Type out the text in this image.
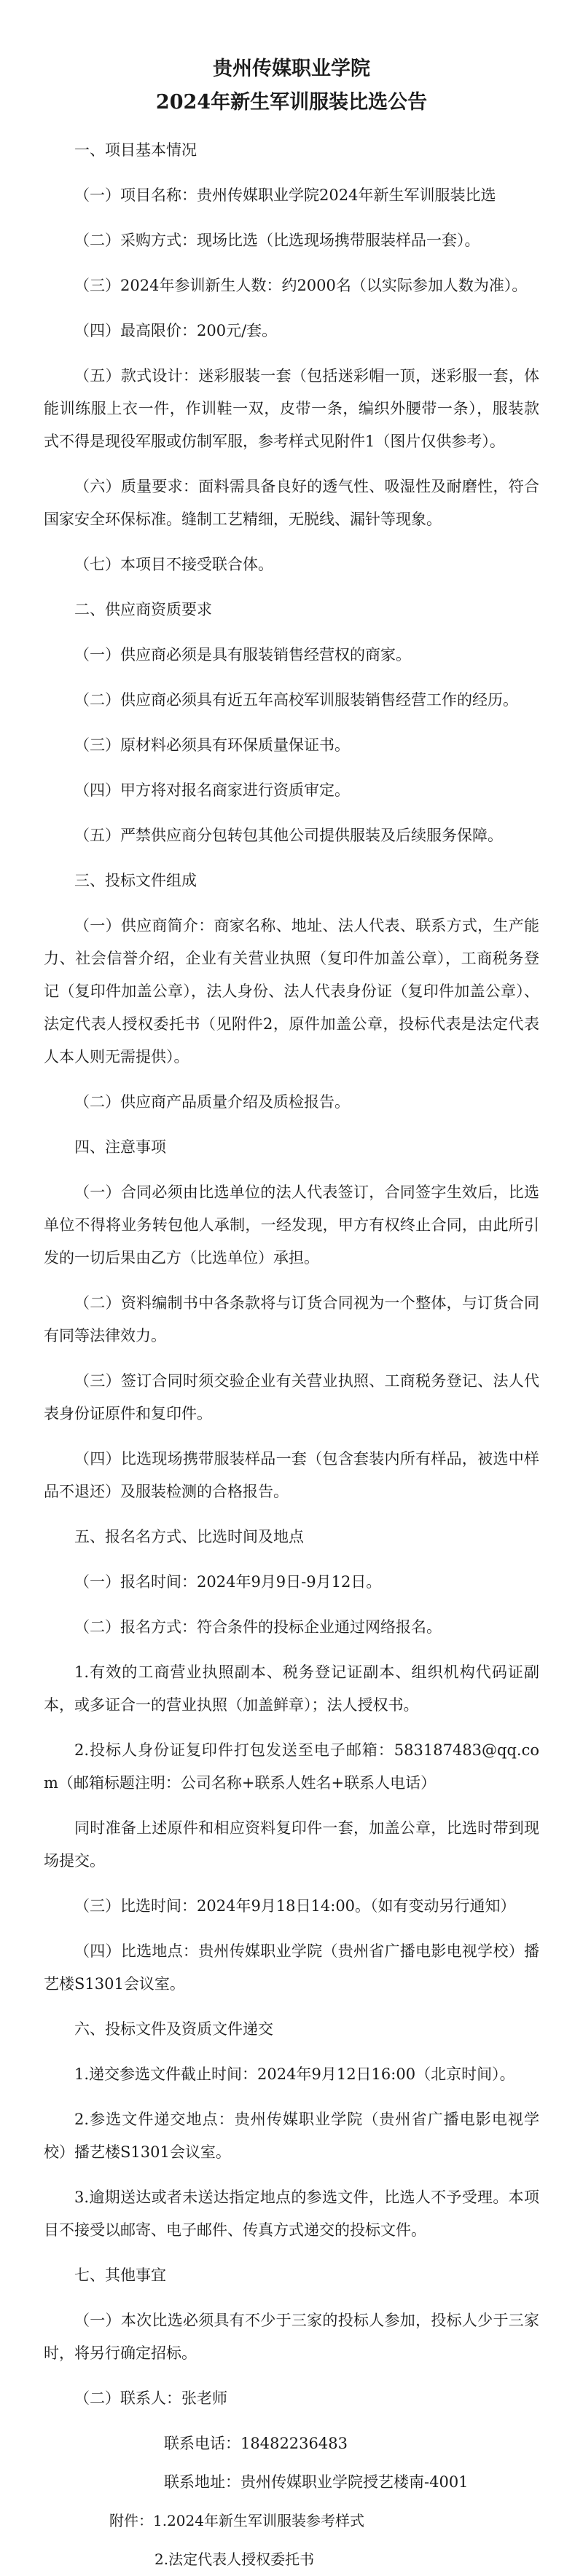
贵州传媒职业学院
2024年新生军训服装比选公告

一、项目基本情况

（一）项目名称：贵州传媒职业学院2024年新生军训服装比选

（二）采购方式：现场比选（比选现场携带服装样品一套）。

（三）2024年参训新生人数：约2000名（以实际参加人数为准）。

（四）最高限价：200元/套。

（五）款式设计：迷彩服装一套（包括迷彩帽一顶，迷彩服一套，体能训练服上衣一件，作训鞋一双，皮带一条，编织外腰带一条），服装款式不得是现役军服或仿制军服，参考样式见附件1（图片仅供参考）。

（六）质量要求：面料需具备良好的透气性、吸湿性及耐磨性，符合国家安全环保标准。缝制工艺精细，无脱线、漏针等现象。

（七）本项目不接受联合体。

二、供应商资质要求

（一）供应商必须是具有服装销售经营权的商家。

（二）供应商必须具有近五年高校军训服装销售经营工作的经历。

（三）原材料必须具有环保质量保证书。

（四）甲方将对报名商家进行资质审定。

（五）严禁供应商分包转包其他公司提供服装及后续服务保障。

三、投标文件组成

（一）供应商简介：商家名称、地址、法人代表、联系方式，生产能力、社会信誉介绍，企业有关营业执照（复印件加盖公章），工商税务登记（复印件加盖公章），法人身份、法人代表身份证（复印件加盖公章）、法定代表人授权委托书（见附件2，原件加盖公章，投标代表是法定代表人本人则无需提供）。

（二）供应商产品质量介绍及质检报告。

四、注意事项

（一）合同必须由比选单位的法人代表签订，合同签字生效后，比选单位不得将业务转包他人承制，一经发现，甲方有权终止合同，由此所引发的一切后果由乙方（比选单位）承担。

（二）资料编制书中各条款将与订货合同视为一个整体，与订货合同有同等法律效力。

（三）签订合同时须交验企业有关营业执照、工商税务登记、法人代表身份证原件和复印件。

（四）比选现场携带服装样品一套（包含套装内所有样品，被选中样品不退还）及服装检测的合格报告。

五、报名名方式、比选时间及地点

（一）报名时间：2024年9月9日-9月12日。

（二）报名方式：符合条件的投标企业通过网络报名。

1.有效的工商营业执照副本、税务登记证副本、组织机构代码证副本，或多证合一的营业执照（加盖鲜章）；法人授权书。

2.投标人身份证复印件打包发送至电子邮箱：583187483@qq.com（邮箱标题注明：公司名称+联系人姓名+联系人电话）

同时准备上述原件和相应资料复印件一套，加盖公章，比选时带到现场提交。

（三）比选时间：2024年9月18日14:00。（如有变动另行通知）

（四）比选地点：贵州传媒职业学院（贵州省广播电影电视学校）播艺楼S1301会议室。

六、投标文件及资质文件递交

1.递交参选文件截止时间：2024年9月12日16:00（北京时间）。

2.参选文件递交地点：贵州传媒职业学院（贵州省广播电影电视学校）播艺楼S1301会议室。

3.逾期送达或者未送达指定地点的参选文件，比选人不予受理。本项目不接受以邮寄、电子邮件、传真方式递交的投标文件。

七、其他事宜

（一）本次比选必须具有不少于三家的投标人参加，投标人少于三家时，将另行确定招标。

（二）联系人：张老师

联系电话：18482236483

联系地址：贵州传媒职业学院授艺楼南-4001

附件：1.2024年新生军训服装参考样式

2.法定代表人授权委托书
